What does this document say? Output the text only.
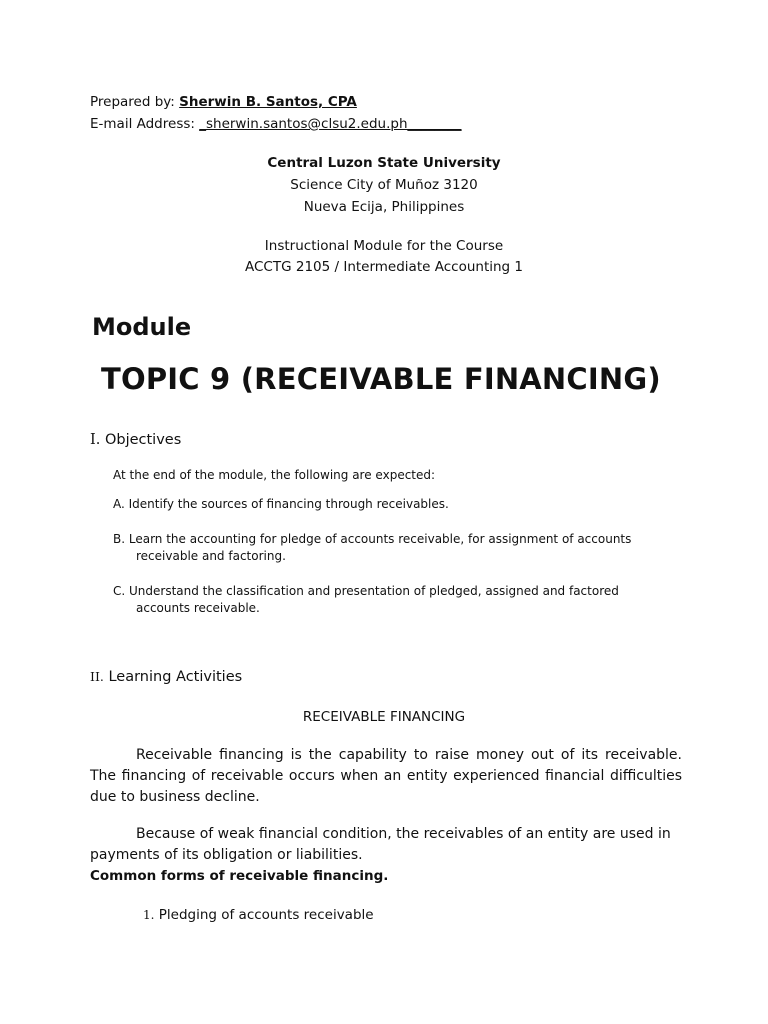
Prepared by: Sherwin B. Santos, CPA
E-mail Address: _sherwin.santos@clsu2.edu.ph________
Central Luzon State University
Science City of Muñoz 3120
Nueva Ecija, Philippines
Instructional Module for the Course
ACCTG 2105 / Intermediate Accounting 1
Module
TOPIC 9 (RECEIVABLE FINANCING)
I. Objectives
At the end of the module, the following are expected:
A. Identify the sources of financing through receivables.
B. Learn the accounting for pledge of accounts receivable, for assignment of accounts
receivable and factoring.
C. Understand the classification and presentation of pledged, assigned and factored
accounts receivable.
II. Learning Activities
RECEIVABLE FINANCING
Receivable financing is the capability to raise money out of its receivable. The financing of receivable occurs when an entity experienced financial difficulties due to business decline.
Because of weak financial condition, the receivables of an entity are used in payments of its obligation or liabilities.
Common forms of receivable financing.
1. Pledging of accounts receivable
